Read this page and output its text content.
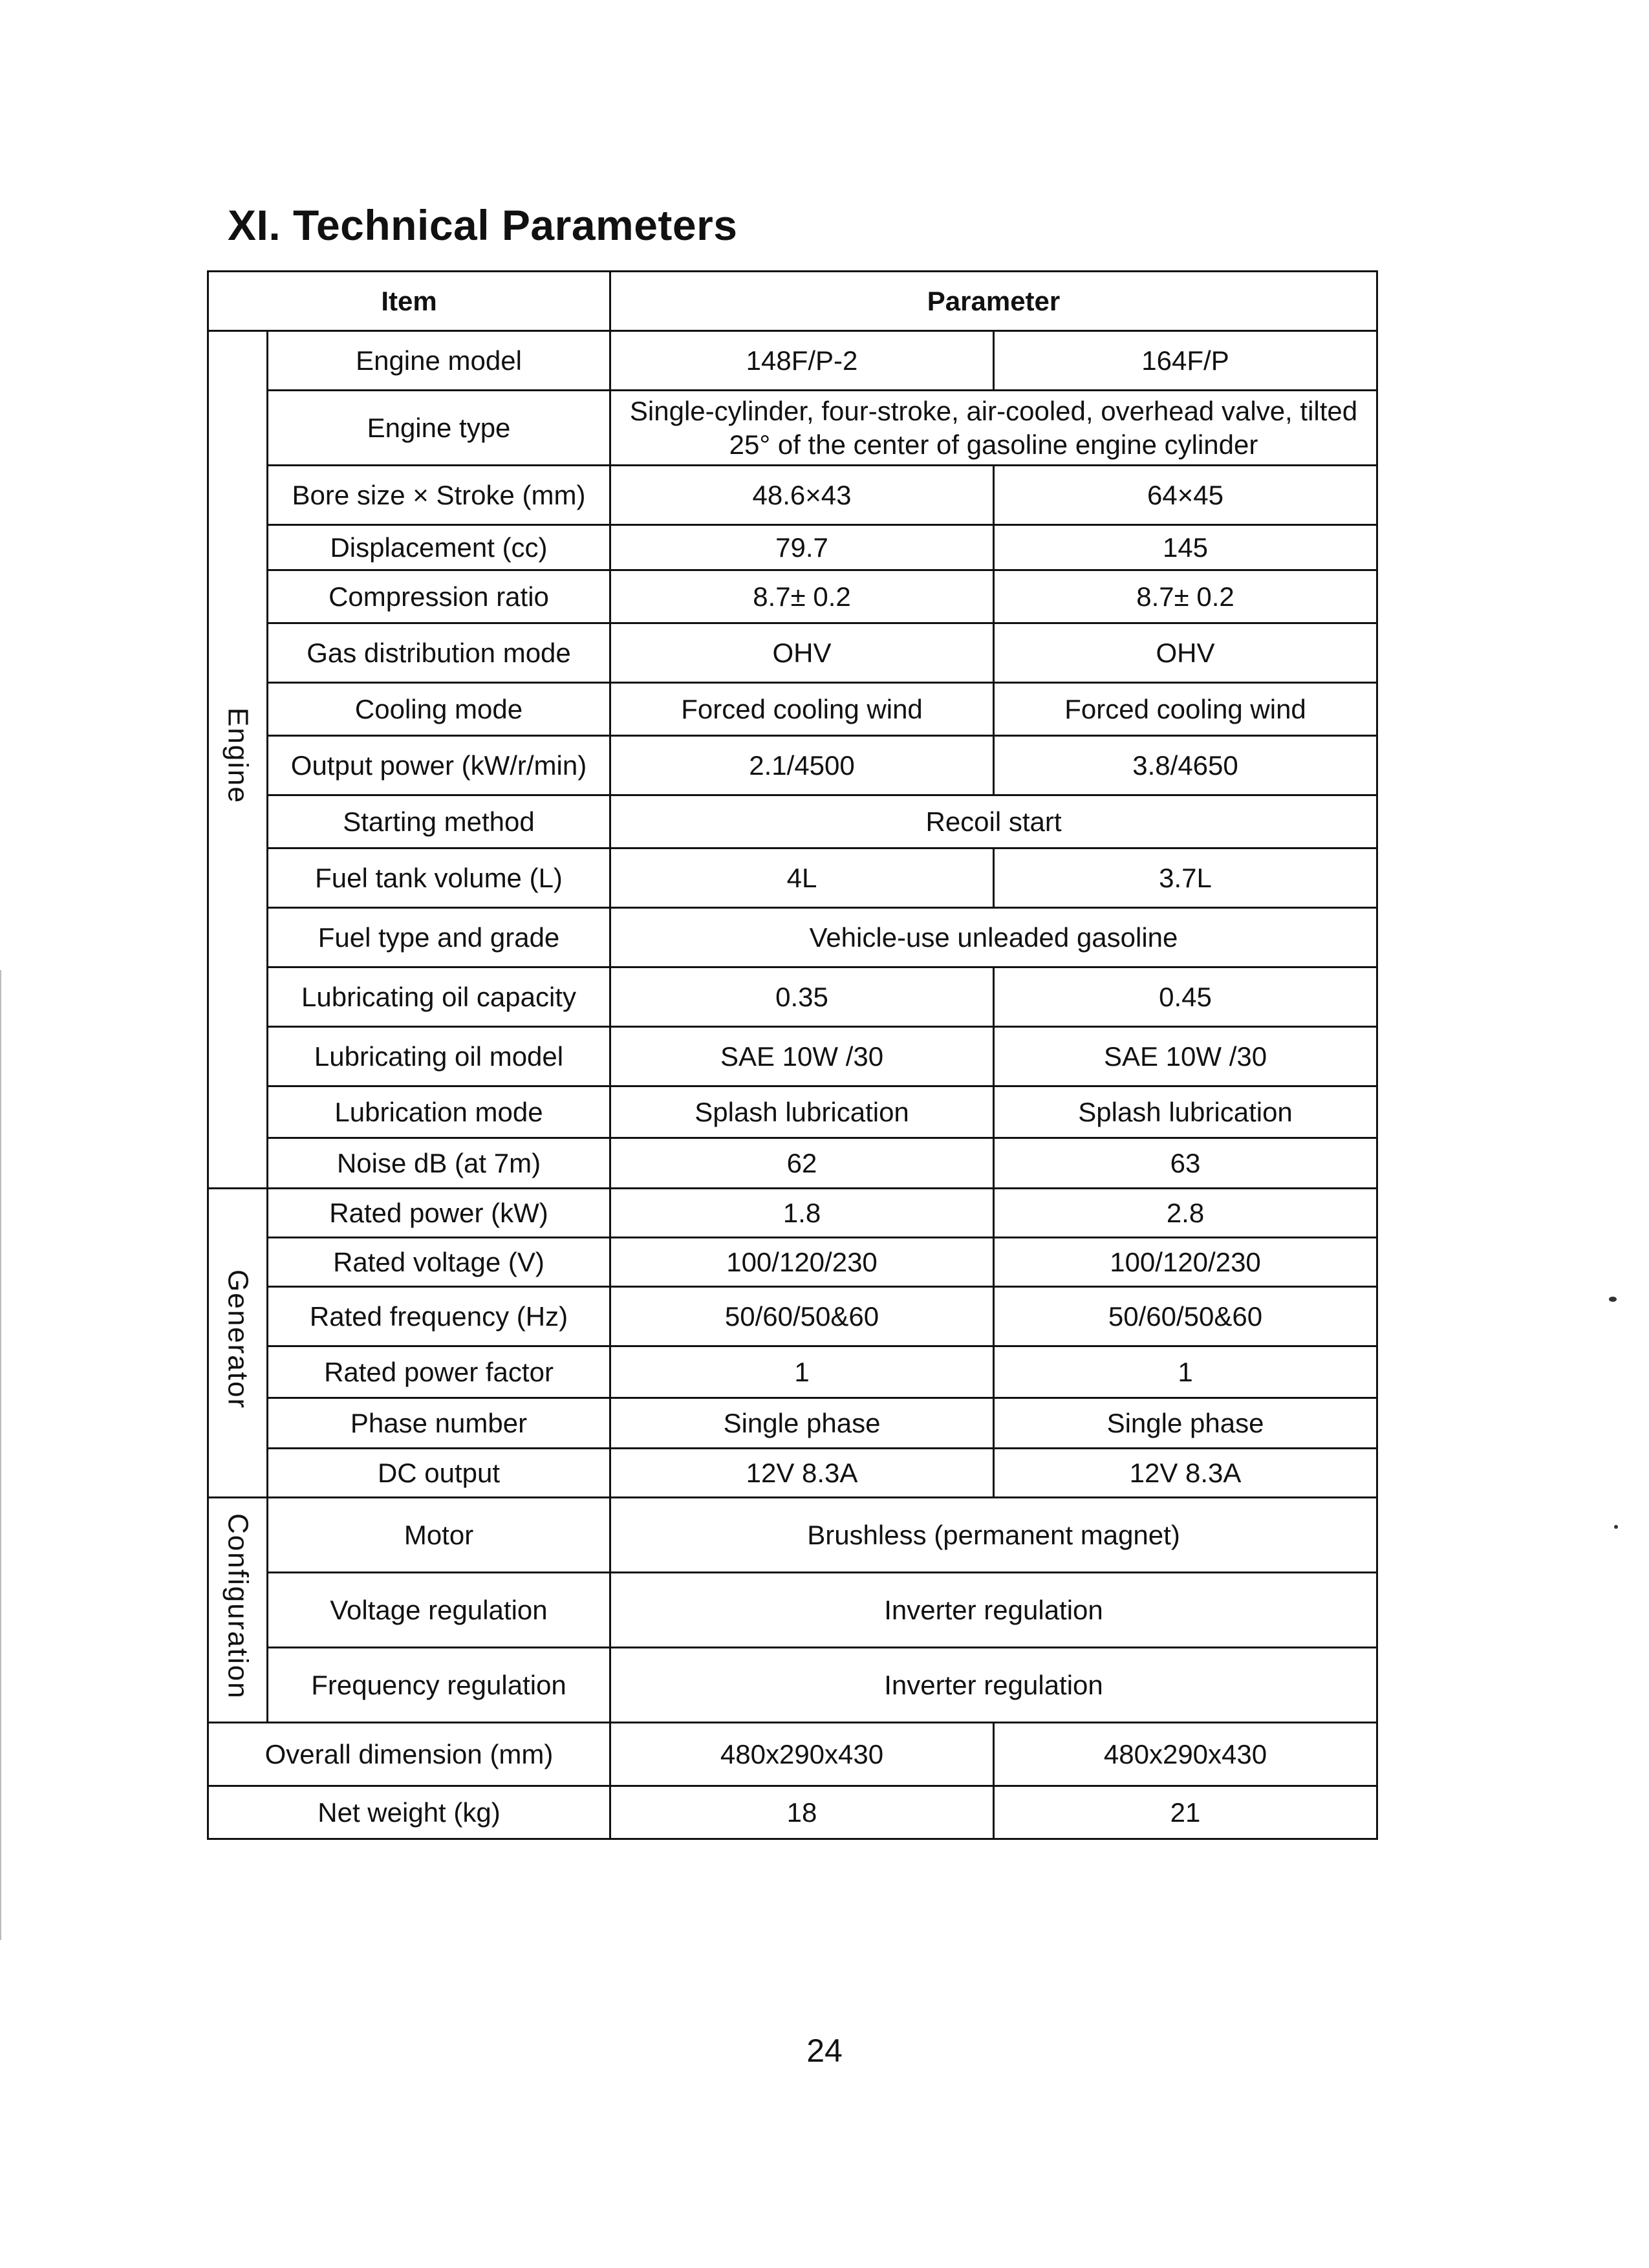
XI. Technical Parameters
Item		Parameter	
Engine	Engine model	148F/P-2	164F/P
	Engine type	Single-cylinder, four-stroke, air-cooled, overhead valve, tilted 25° of the center of gasoline engine cylinder	
	Bore size × Stroke (mm)	48.6×43	64×45
	Displacement (cc)	79.7	145
	Compression ratio	8.7± 0.2	8.7± 0.2
	Gas distribution mode	OHV	OHV
	Cooling mode	Forced cooling wind	Forced cooling wind
	Output power (kW/r/min)	2.1/4500	3.8/4650
	Starting method	Recoil start	
	Fuel tank volume (L)	4L	3.7L
	Fuel type and grade	Vehicle-use unleaded gasoline	
	Lubricating oil capacity	0.35	0.45
	Lubricating oil model	SAE 10W /30	SAE 10W /30
	Lubrication mode	Splash lubrication	Splash lubrication
	Noise dB (at 7m)	62	63
Generator	Rated power (kW)	1.8	2.8
	Rated voltage (V)	100/120/230	100/120/230
	Rated frequency (Hz)	50/60/50&60	50/60/50&60
	Rated power factor	1	1
	Phase number	Single phase	Single phase
	DC output	12V 8.3A	12V 8.3A
Configuration	Motor	Brushless (permanent magnet)	
	Voltage regulation	Inverter regulation	
	Frequency regulation	Inverter regulation	
Overall dimension (mm)		480x290x430	480x290x430
Net weight (kg)		18	21
24
